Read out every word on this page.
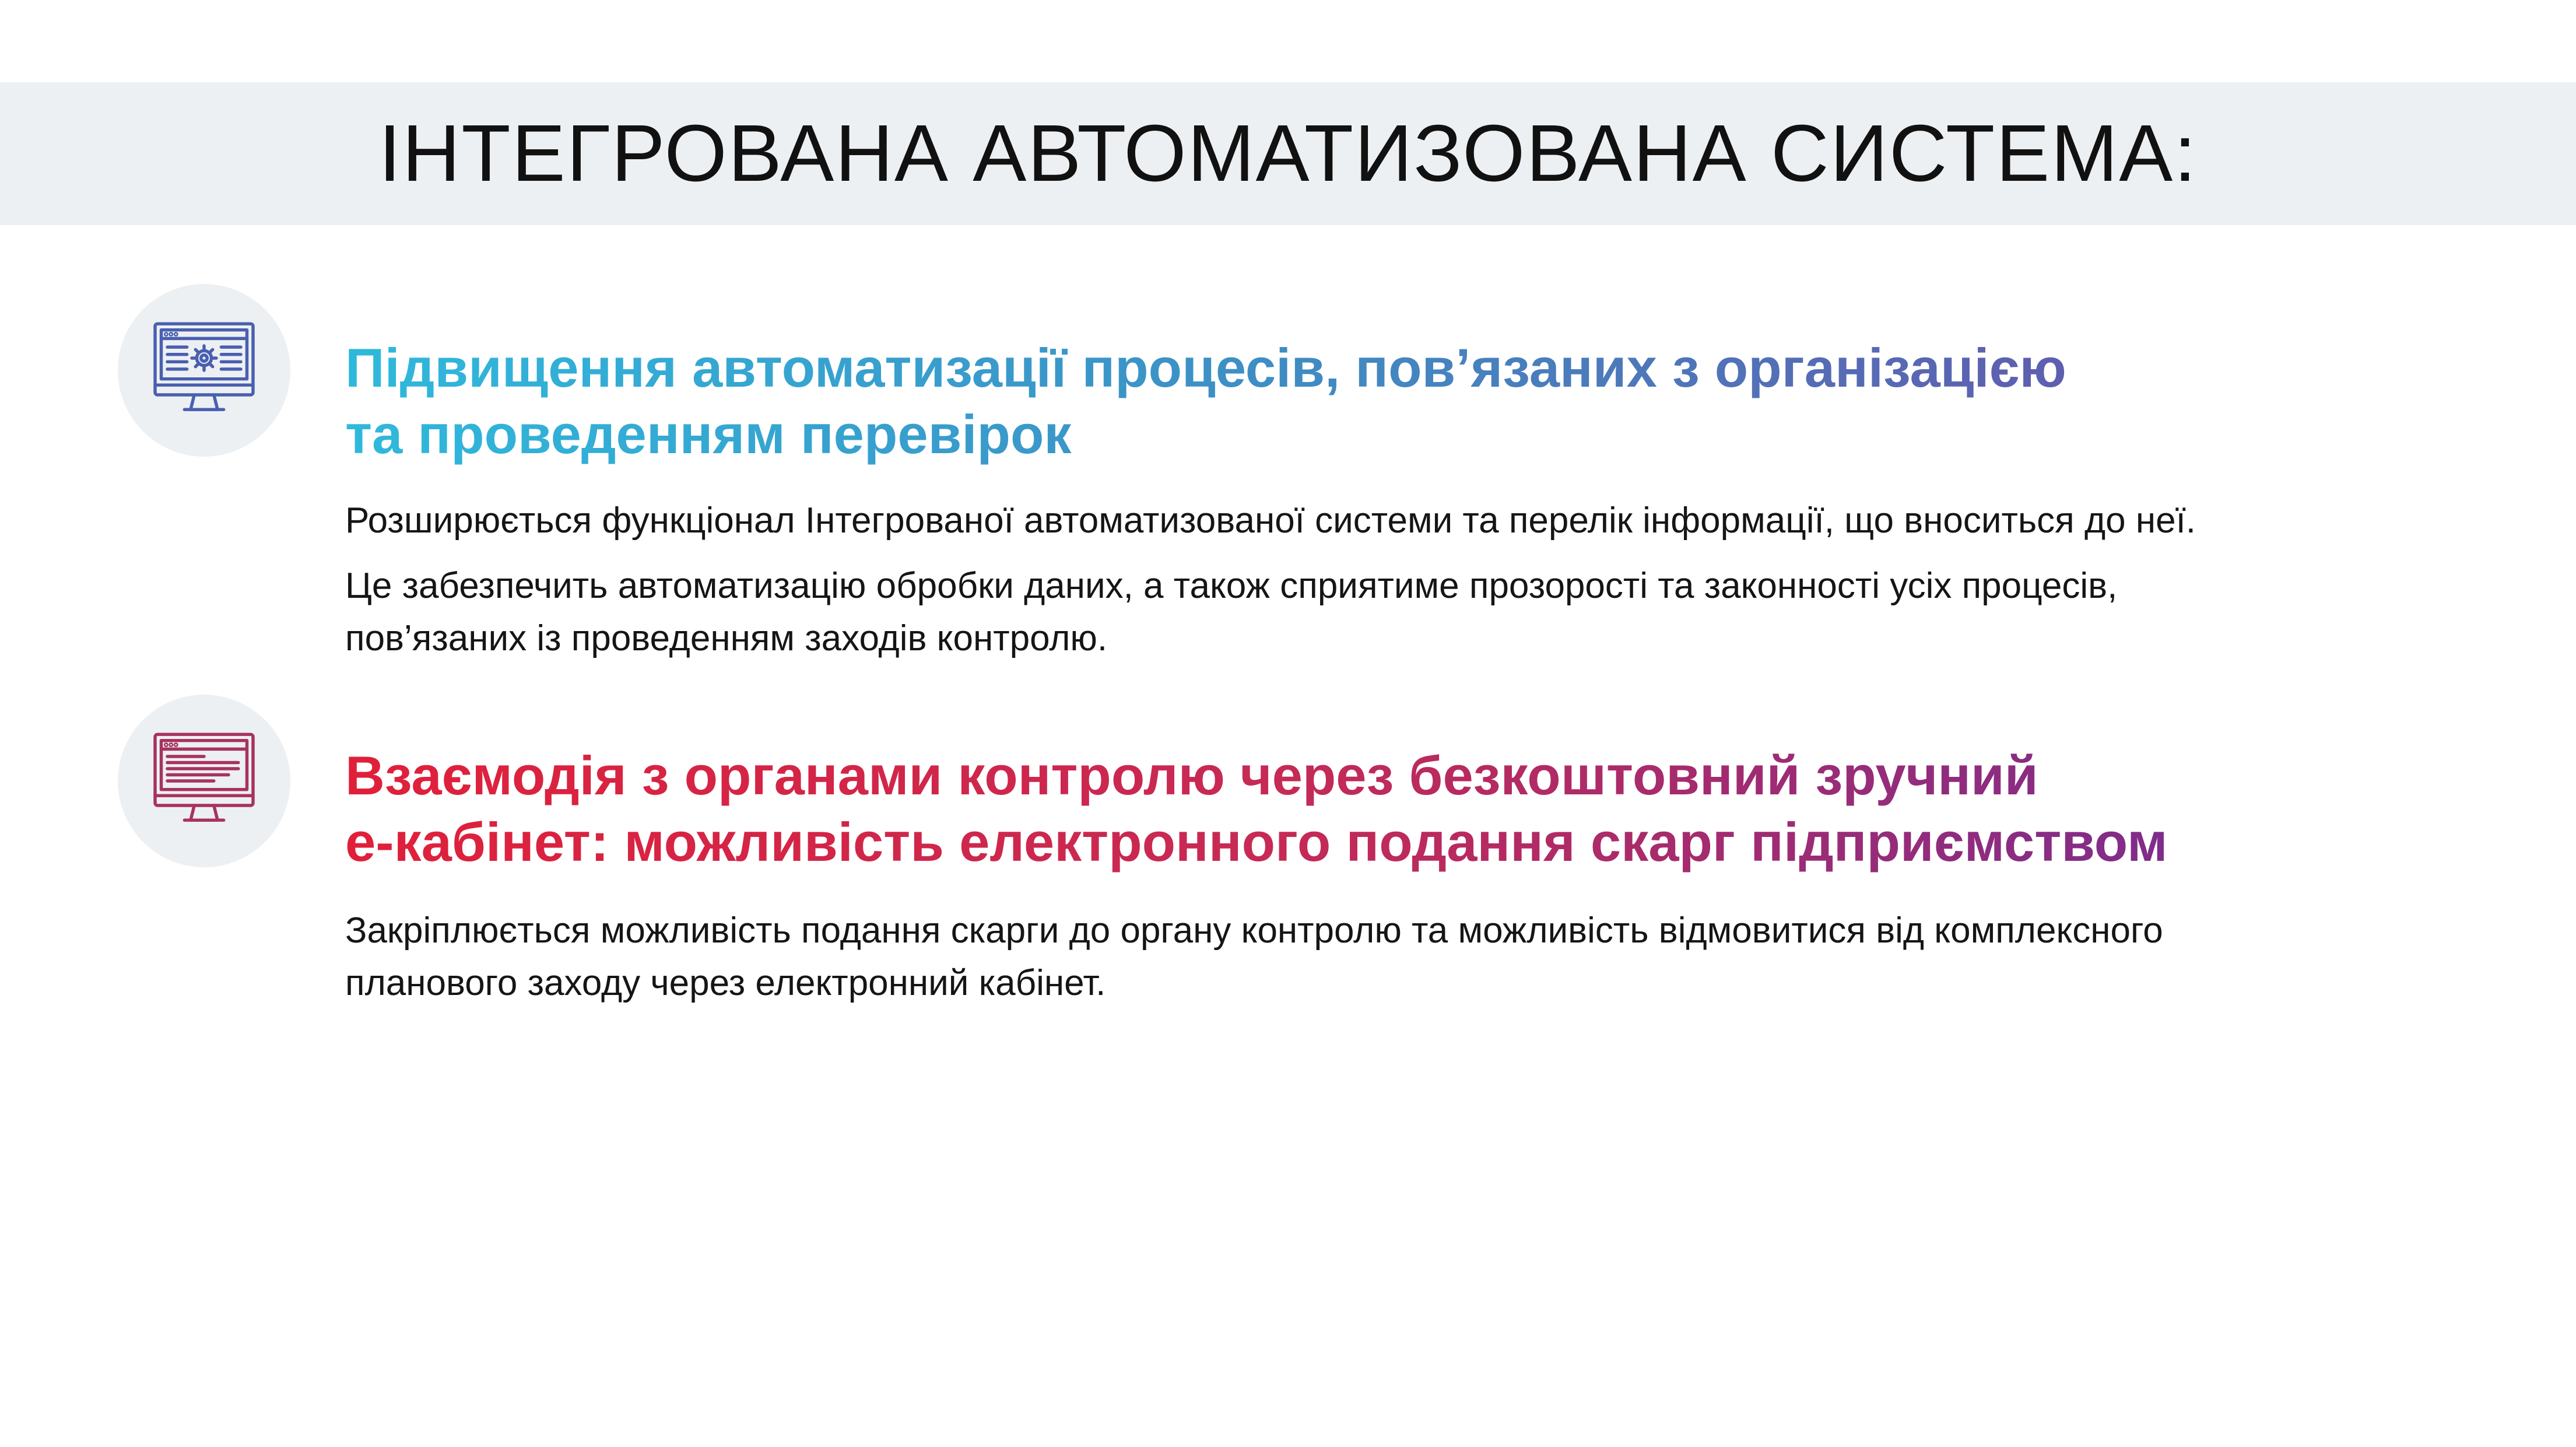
ІНТЕГРОВАНА АВТОМАТИЗОВАНА СИСТЕМА:
Підвищення автоматизації процесів, пов’язаних з організацією
та проведенням перевірок

Розширюється функціонал Інтегрованої автоматизованої системи та перелік інформації, що вноситься до неї.

Це забезпечить автоматизацію обробки даних, а також сприятиме прозорості та законності усіх процесів,
пов’язаних із проведенням заходів контролю.

Взаємодія з органами контролю через безкоштовний зручний
е-кабінет: можливість електронного подання скарг підприємством

Закріплюється можливість подання скарги до органу контролю та можливість відмовитися від комплексного
планового заходу через електронний кабінет.
